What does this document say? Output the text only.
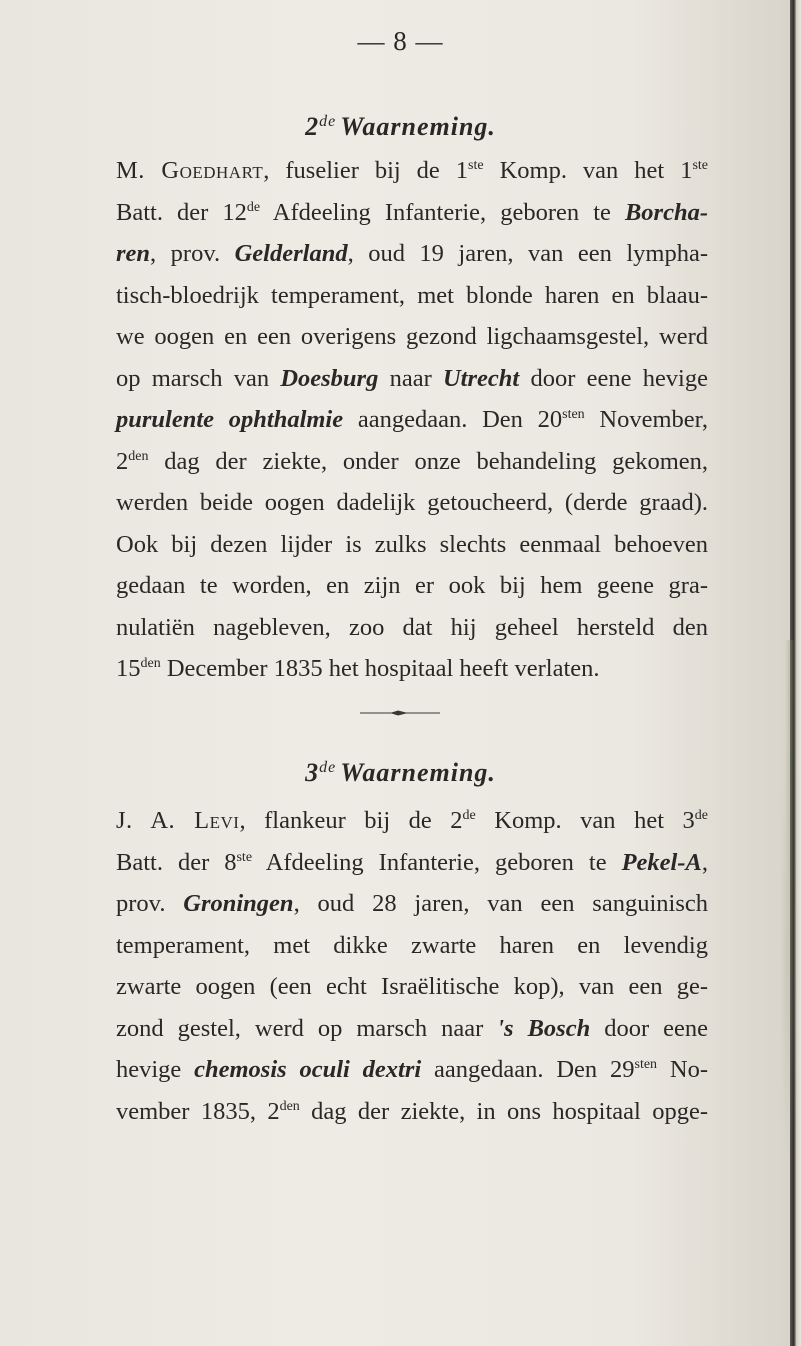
— 8 —
2de Waarneming.
M. Goedhart, fuselier bij de 1ste Komp. van het 1ste
Batt. der 12de Afdeeling Infanterie, geboren te Borcha-
ren, prov. Gelderland, oud 19 jaren, van een lympha-
tisch-bloedrijk temperament, met blonde haren en blaau-
we oogen en een overigens gezond ligchaamsgestel, werd
op marsch van Doesburg naar Utrecht door eene hevige
purulente ophthalmie aangedaan. Den $20^{sten}$ November,
$2^{den}$ dag der ziekte, onder onze behandeling gekomen,
werden beide oogen dadelijk getoucheerd, (derde graad).
Ook bij dezen lijder is zulks slechts eenmaal behoeven
gedaan te worden, en zijn er ook bij hem geene gra-
nulatiën nagebleven, zoo dat hij geheel hersteld den
$15^{den}$ December 1835 het hospitaal heeft verlaten.
3de Waarneming.
J. A. Levi, flankeur bij de 2de Komp. van het 3de
Batt. der 8ste Afdeeling Infanterie, geboren te Pekel-A,
prov. Groningen, oud 28 jaren, van een sanguinisch
temperament, met dikke zwarte haren en levendig
zwarte oogen (een echt Israëlitische kop), van een ge-
zond gestel, werd op marsch naar 's Bosch door eene
hevige chemosis oculi dextri aangedaan. Den $29^{sten}$ No-
vember 1835, $2^{den}$ dag der ziekte, in ons hospitaal opge-
